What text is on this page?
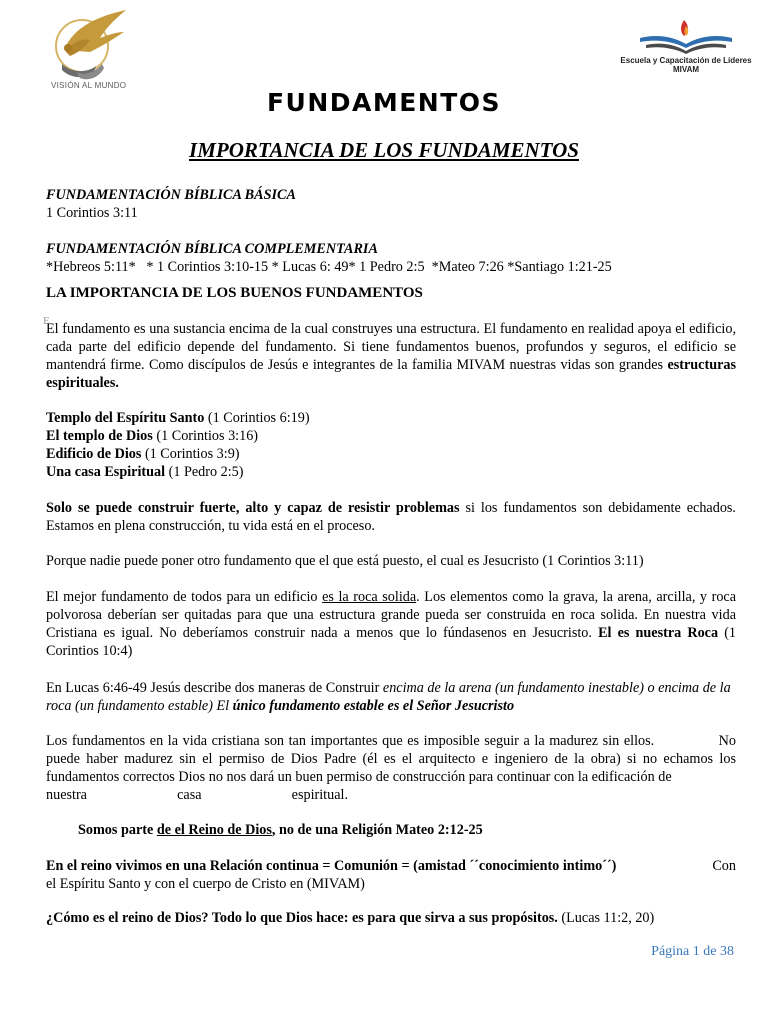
VISIÓN AL MUNDO
Escuela y Capacitación de Líderes
MIVAM
FUNDAMENTOS
IMPORTANCIA DE LOS FUNDAMENTOS
FUNDAMENTACIÓN BÍBLICA BÁSICA
1 Corintios 3:11
FUNDAMENTACIÓN BÍBLICA COMPLEMENTARIA
*Hebreos 5:11*   * 1 Corintios 3:10-15 * Lucas 6: 49* 1 Pedro 2:5  *Mateo 7:26 *Santiago 1:21-25
LA IMPORTANCIA DE LOS BUENOS FUNDAMENTOS
E
El fundamento es una sustancia encima de la cual construyes una estructura. El fundamento en realidad apoya el edificio, cada parte del edificio depende del fundamento. Si tiene fundamentos buenos, profundos y seguros, el edificio se mantendrá firme. Como discípulos de Jesús e integrantes de la familia MIVAM nuestras vidas son grandes estructuras espirituales.
Templo del Espíritu Santo (1 Corintios 6:19)
El templo de Dios (1 Corintios 3:16)
Edificio de Dios (1 Corintios 3:9)
Una casa Espiritual (1 Pedro 2:5)
Solo se puede construir fuerte, alto y capaz de resistir problemas si los fundamentos son debidamente echados. Estamos en plena construcción, tu vida está en el proceso.
Porque nadie puede poner otro fundamento que el que está puesto, el cual es Jesucristo (1 Corintios 3:11)
El mejor fundamento de todos para un edificio es la roca solida. Los elementos como la grava, la arena, arcilla, y roca polvorosa deberían ser quitadas para que una estructura grande pueda ser construida en roca solida. En nuestra vida Cristiana es igual. No deberíamos construir nada a menos que lo fúndasenos en Jesucristo. El es nuestra Roca (1 Corintios 10:4)
En Lucas 6:46-49 Jesús describe dos maneras de Construir encima de la arena (un fundamento inestable) o encima de la roca (un fundamento estable) El único fundamento estable es el Señor Jesucristo
Los fundamentos en la vida cristiana son tan importantes que es imposible seguir a la madurez sin ellos.              No puede haber madurez sin el permiso de Dios Padre (él es el arquitecto e ingeniero de la obra) si no echamos los fundamentos correctos Dios no nos dará un buen permiso de construcción para continuar con la edificación de
nuestra	casa	espiritual.
Somos parte de el Reino de Dios, no de una Religión Mateo 2:12-25
En el reino vivimos en una Relación continua = Comunión = (amistad ´´conocimiento intimo´´)	Con
el Espíritu Santo y con el cuerpo de Cristo en (MIVAM)
¿Cómo es el reino de Dios? Todo lo que Dios hace: es para que sirva a sus propósitos. (Lucas 11:2, 20)
Página 1 de 38
